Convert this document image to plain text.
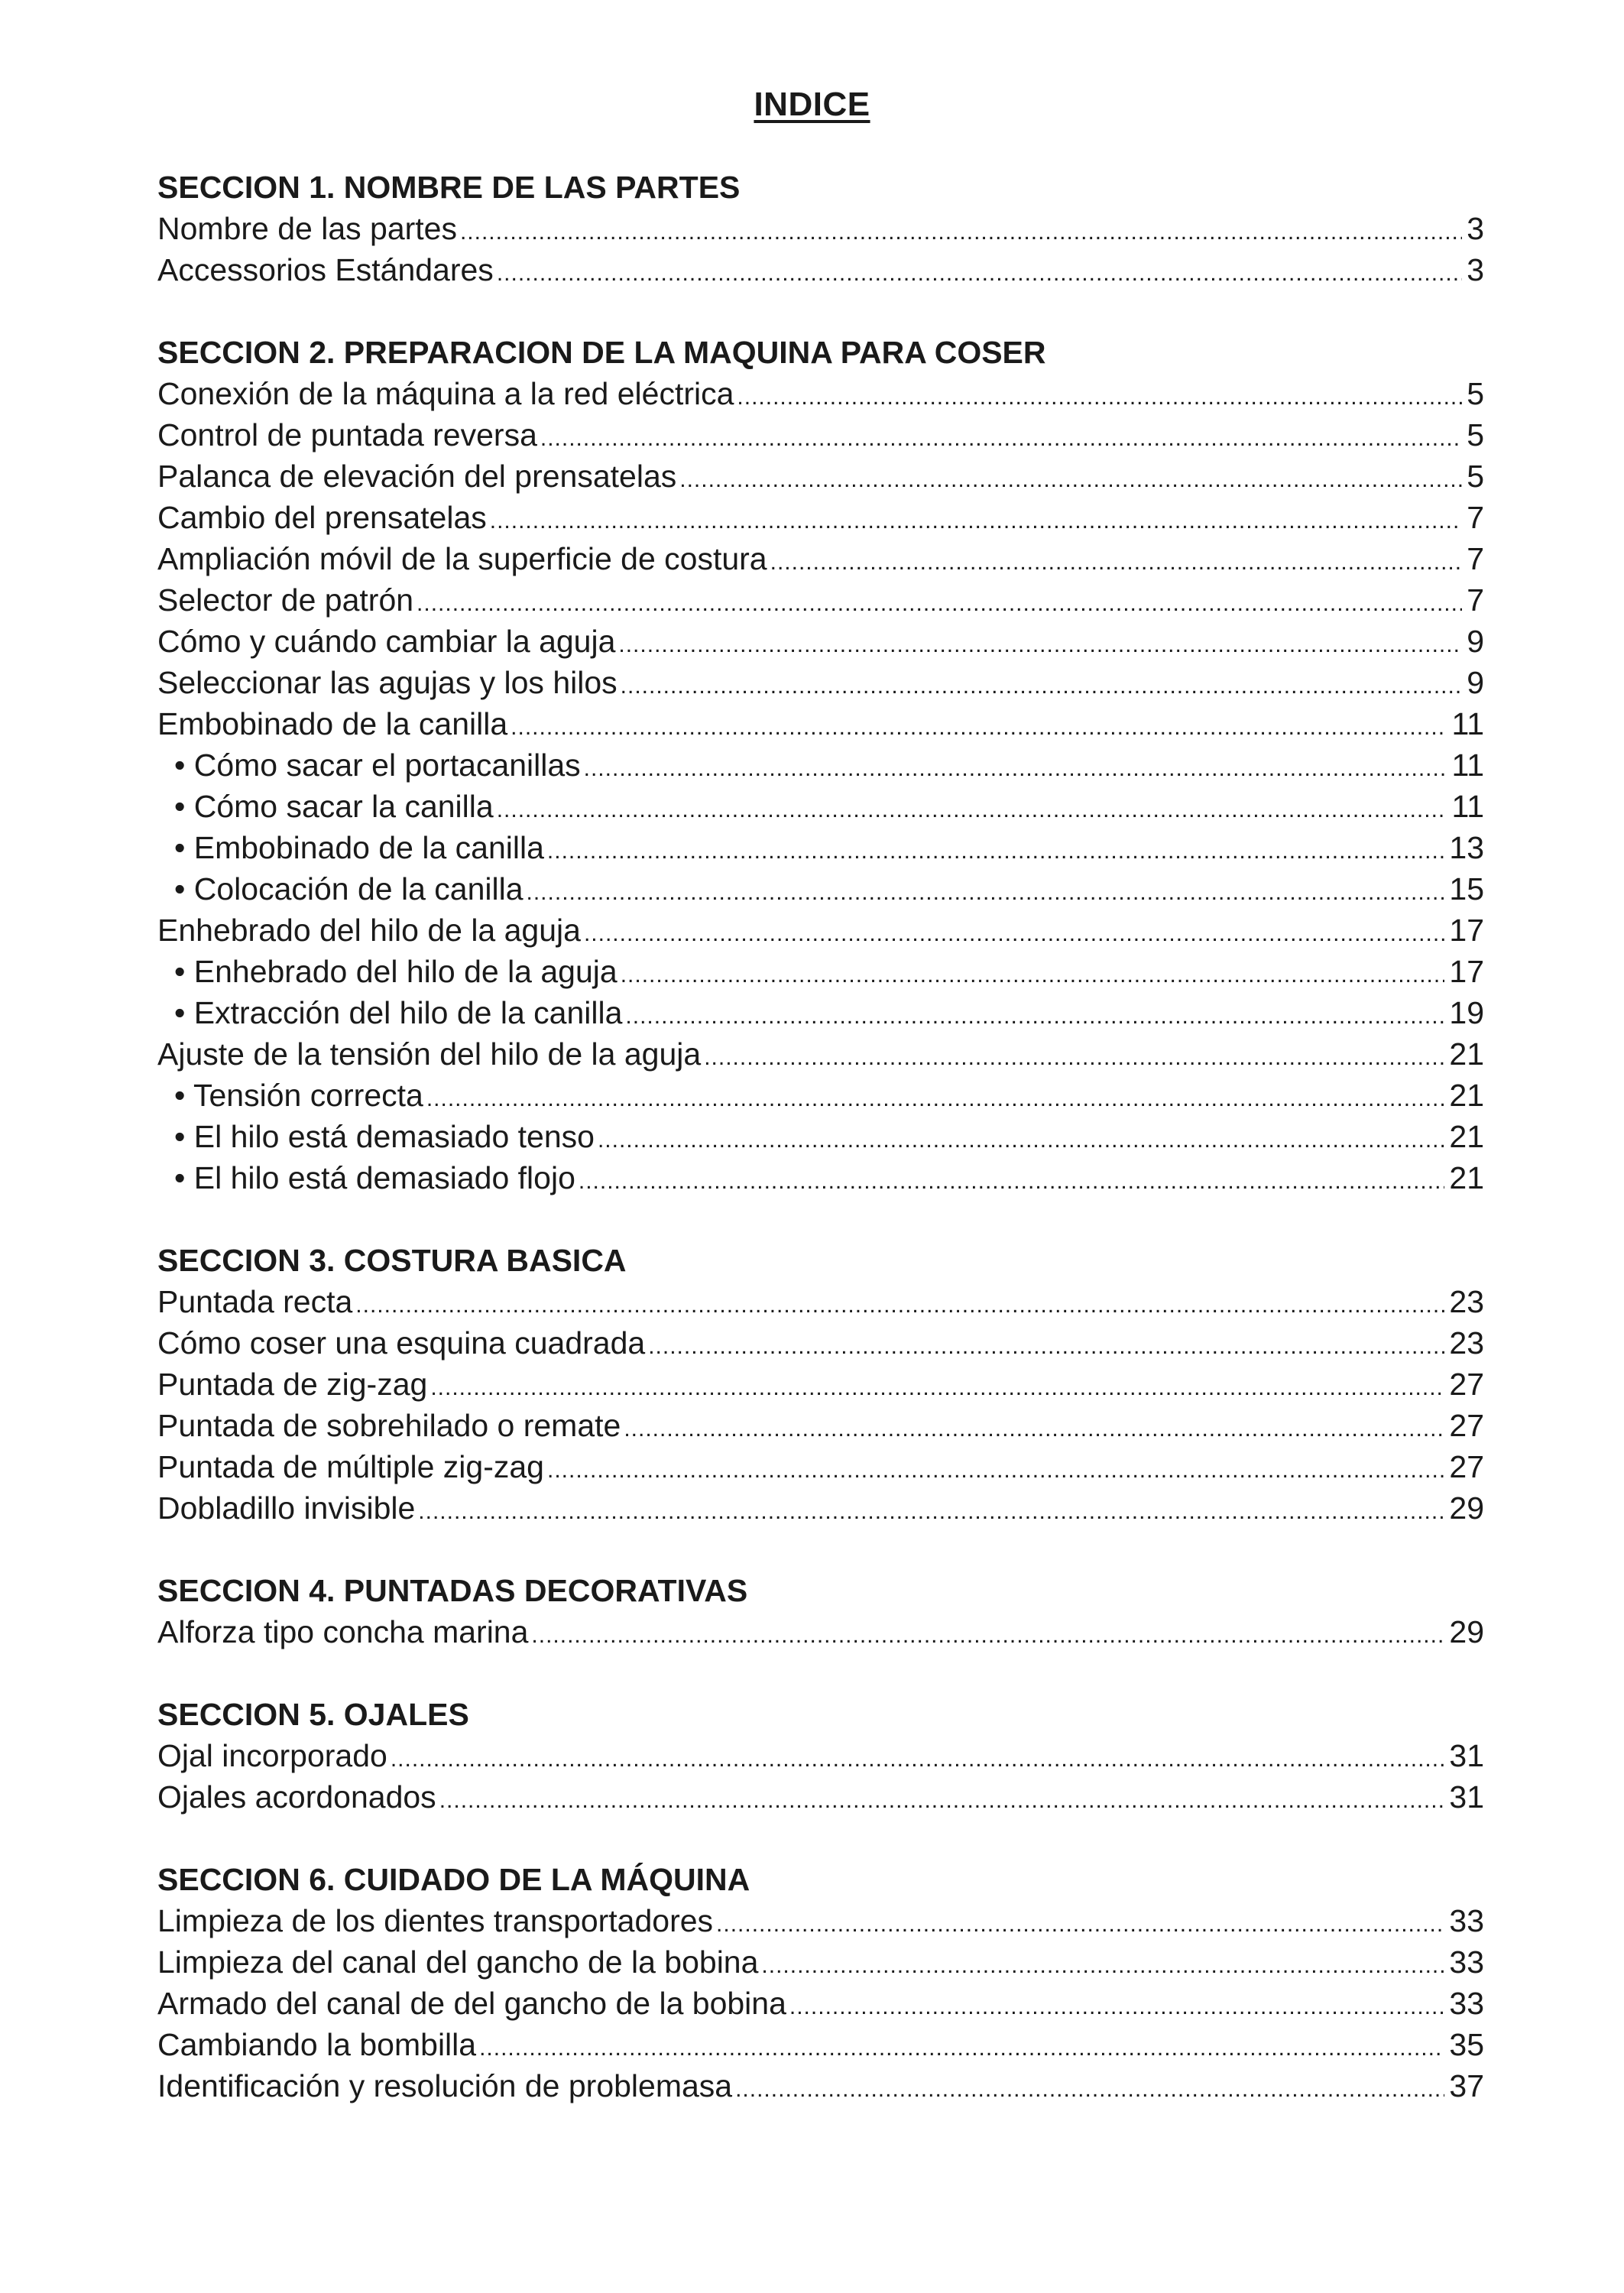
INDICE
SECCION 1. NOMBRE DE LAS PARTES
Nombre de las partes .....	3
Accessorios Estándares .....	3
SECCION 2. PREPARACION DE LA MAQUINA PARA COSER
Conexión de la máquina a la red eléctrica .....	5
Control de puntada reversa .....	5
Palanca de elevación del prensatelas .....	5
Cambio del prensatelas .....	7
Ampliación móvil de la superficie de costura .....	7
Selector de patrón .....	7
Cómo y cuándo cambiar la aguja .....	9
Seleccionar las agujas y los hilos .....	9
Embobinado de la canilla .....	11
• Cómo sacar el portacanillas .....	11
• Cómo sacar la canilla .....	11
• Embobinado de la canilla .....	13
• Colocación de la canilla .....	15
Enhebrado del hilo de la aguja .....	17
• Enhebrado del hilo de la aguja .....	17
• Extracción del hilo de la canilla .....	19
Ajuste de la tensión del hilo de la aguja .....	21
• Tensión correcta .....	21
• El hilo está demasiado tenso .....	21
• El hilo está demasiado flojo .....	21
SECCION 3. COSTURA BASICA
Puntada recta .....	23
Cómo coser una esquina cuadrada .....	23
Puntada de zig-zag .....	27
Puntada de sobrehilado o remate .....	27
Puntada de múltiple zig-zag .....	27
Dobladillo invisible .....	29
SECCION 4. PUNTADAS DECORATIVAS
Alforza tipo concha marina .....	29
SECCION 5. OJALES
Ojal incorporado .....	31
Ojales acordonados .....	31
SECCION 6. CUIDADO DE LA MÁQUINA
Limpieza de los dientes transportadores .....	33
Limpieza del canal del gancho de la bobina .....	33
Armado del canal de del gancho de la bobina .....	33
Cambiando la bombilla .....	35
Identificación y resolución de problemasa .....	37
